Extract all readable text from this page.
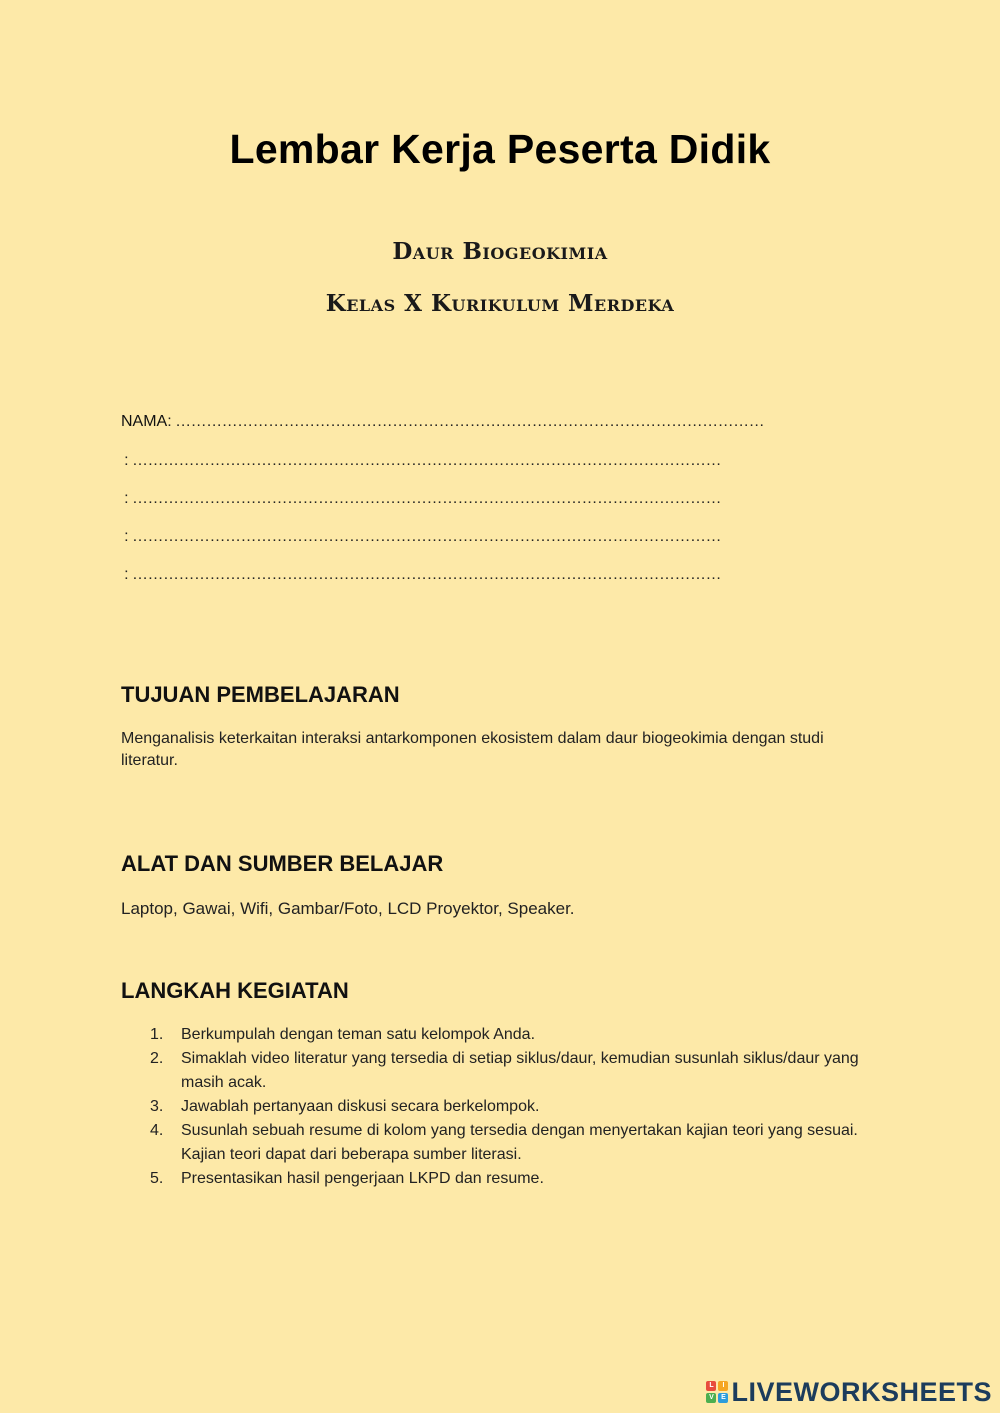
Lembar Kerja Peserta Didik
Daur Biogeokimia
Kelas X Kurikulum Merdeka
NAMA : ……………………………………………………………………………………………………
: ……………………………………………………………………………………………………
: ……………………………………………………………………………………………………
: ……………………………………………………………………………………………………
: ……………………………………………………………………………………………………
TUJUAN PEMBELAJARAN
Menganalisis keterkaitan interaksi antarkomponen ekosistem dalam daur biogeokimia dengan studi literatur.
ALAT DAN SUMBER BELAJAR
Laptop, Gawai, Wifi, Gambar/Foto, LCD Proyektor, Speaker.
LANGKAH KEGIATAN
1.	Berkumpulah dengan teman satu kelompok Anda.
2.	Simaklah video literatur yang tersedia di setiap siklus/daur, kemudian susunlah siklus/daur yang masih acak.
3.	Jawablah pertanyaan diskusi secara berkelompok.
4.	Susunlah sebuah resume di kolom yang tersedia dengan menyertakan kajian teori yang sesuai. Kajian teori dapat dari beberapa sumber literasi.
5.	Presentasikan hasil pengerjaan LKPD dan resume.
L	I
V	E LIVEWORKSHEETS
